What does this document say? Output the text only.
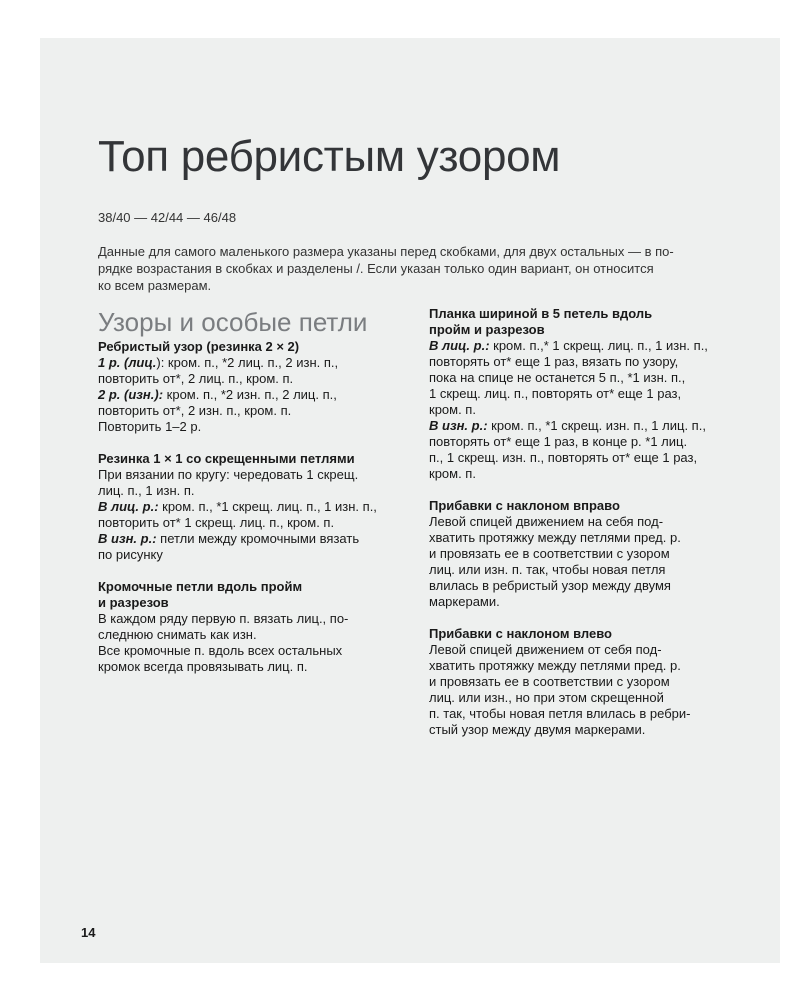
Топ ребристым узором
38/40 — 42/44 — 46/48
Данные для самого маленького размера указаны перед скобками, для двух остальных — в по-
рядке возрастания в скобках и разделены /. Если указан только один вариант, он относится
ко всем размерам.
Узоры и особые петли
Ребристый узор (резинка 2 × 2)
1 р. (лиц.): кром. п., *2 лиц. п., 2 изн. п.,
повторить от*, 2 лиц. п., кром. п.
2 р. (изн.): кром. п., *2 изн. п., 2 лиц. п.,
повторить от*, 2 изн. п., кром. п.
Повторить 1–2 р.
Резинка 1 × 1 со скрещенными петлями
При вязании по кругу: чередовать 1 скрещ.
лиц. п., 1 изн. п.
В лиц. р.: кром. п., *1 скрещ. лиц. п., 1 изн. п.,
повторить от* 1 скрещ. лиц. п., кром. п.
В изн. р.: петли между кромочными вязать
по рисунку
Кромочные петли вдоль пройм
и разрезов
В каждом ряду первую п. вязать лиц., по-
следнюю снимать как изн.
Все кромочные п. вдоль всех остальных
кромок всегда провязывать лиц. п.
Планка шириной в 5 петель вдоль
пройм и разрезов
В лиц. р.: кром. п.,* 1 скрещ. лиц. п., 1 изн. п.,
повторять от* еще 1 раз, вязать по узору,
пока на спице не останется 5 п., *1 изн. п.,
1 скрещ. лиц. п., повторять от* еще 1 раз,
кром. п.
В изн. р.: кром. п., *1 скрещ. изн. п., 1 лиц. п.,
повторять от* еще 1 раз, в конце р. *1 лиц.
п., 1 скрещ. изн. п., повторять от* еще 1 раз,
кром. п.
Прибавки с наклоном вправо
Левой спицей движением на себя под-
хватить протяжку между петлями пред. р.
и провязать ее в соответствии с узором
лиц. или изн. п. так, чтобы новая петля
влилась в ребристый узор между двумя
маркерами.
Прибавки с наклоном влево
Левой спицей движением от себя под-
хватить протяжку между петлями пред. р.
и провязать ее в соответствии с узором
лиц. или изн., но при этом скрещенной
п. так, чтобы новая петля влилась в ребри-
стый узор между двумя маркерами.
14
